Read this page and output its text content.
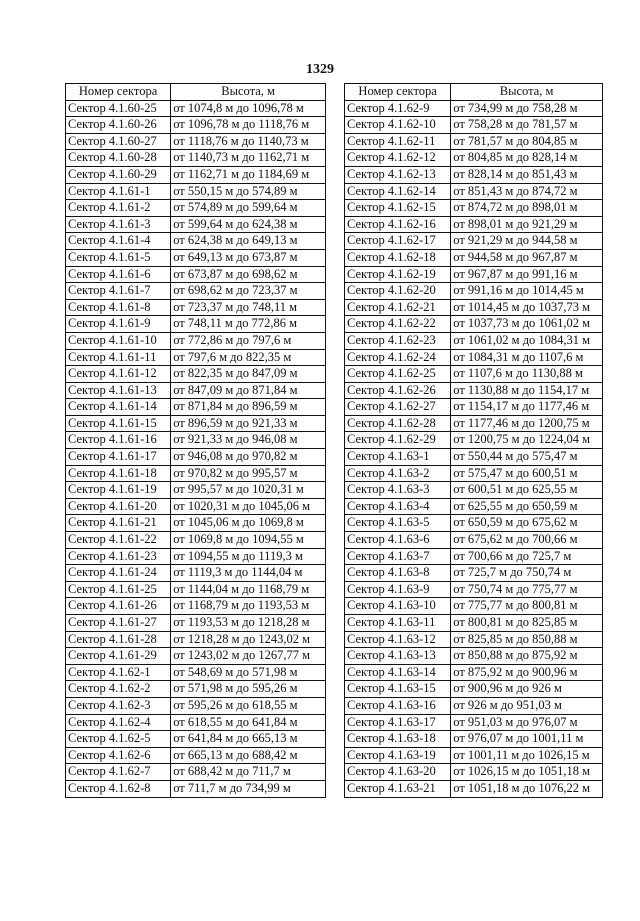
1329
Номер сектора	Высота, м
Сектор 4.1.60-25	от 1074,8 м до 1096,78 м
Сектор 4.1.60-26	от 1096,78 м до 1118,76 м
Сектор 4.1.60-27	от 1118,76 м до 1140,73 м
Сектор 4.1.60-28	от 1140,73 м до 1162,71 м
Сектор 4.1.60-29	от 1162,71 м до 1184,69 м
Сектор 4.1.61-1	от 550,15 м до 574,89 м
Сектор 4.1.61-2	от 574,89 м до 599,64 м
Сектор 4.1.61-3	от 599,64 м до 624,38 м
Сектор 4.1.61-4	от 624,38 м до 649,13 м
Сектор 4.1.61-5	от 649,13 м до 673,87 м
Сектор 4.1.61-6	от 673,87 м до 698,62 м
Сектор 4.1.61-7	от 698,62 м до 723,37 м
Сектор 4.1.61-8	от 723,37 м до 748,11 м
Сектор 4.1.61-9	от 748,11 м до 772,86 м
Сектор 4.1.61-10	от 772,86 м до 797,6 м
Сектор 4.1.61-11	от 797,6 м до 822,35 м
Сектор 4.1.61-12	от 822,35 м до 847,09 м
Сектор 4.1.61-13	от 847,09 м до 871,84 м
Сектор 4.1.61-14	от 871,84 м до 896,59 м
Сектор 4.1.61-15	от 896,59 м до 921,33 м
Сектор 4.1.61-16	от 921,33 м до 946,08 м
Сектор 4.1.61-17	от 946,08 м до 970,82 м
Сектор 4.1.61-18	от 970,82 м до 995,57 м
Сектор 4.1.61-19	от 995,57 м до 1020,31 м
Сектор 4.1.61-20	от 1020,31 м до 1045,06 м
Сектор 4.1.61-21	от 1045,06 м до 1069,8 м
Сектор 4.1.61-22	от 1069,8 м до 1094,55 м
Сектор 4.1.61-23	от 1094,55 м до 1119,3 м
Сектор 4.1.61-24	от 1119,3 м до 1144,04 м
Сектор 4.1.61-25	от 1144,04 м до 1168,79 м
Сектор 4.1.61-26	от 1168,79 м до 1193,53 м
Сектор 4.1.61-27	от 1193,53 м до 1218,28 м
Сектор 4.1.61-28	от 1218,28 м до 1243,02 м
Сектор 4.1.61-29	от 1243,02 м до 1267,77 м
Сектор 4.1.62-1	от 548,69 м до 571,98 м
Сектор 4.1.62-2	от 571,98 м до 595,26 м
Сектор 4.1.62-3	от 595,26 м до 618,55 м
Сектор 4.1.62-4	от 618,55 м до 641,84 м
Сектор 4.1.62-5	от 641,84 м до 665,13 м
Сектор 4.1.62-6	от 665,13 м до 688,42 м
Сектор 4.1.62-7	от 688,42 м до 711,7 м
Сектор 4.1.62-8	от 711,7 м до 734,99 м
Номер сектора	Высота, м
Сектор 4.1.62-9	от 734,99 м до 758,28 м
Сектор 4.1.62-10	от 758,28 м до 781,57 м
Сектор 4.1.62-11	от 781,57 м до 804,85 м
Сектор 4.1.62-12	от 804,85 м до 828,14 м
Сектор 4.1.62-13	от 828,14 м до 851,43 м
Сектор 4.1.62-14	от 851,43 м до 874,72 м
Сектор 4.1.62-15	от 874,72 м до 898,01 м
Сектор 4.1.62-16	от 898,01 м до 921,29 м
Сектор 4.1.62-17	от 921,29 м до 944,58 м
Сектор 4.1.62-18	от 944,58 м до 967,87 м
Сектор 4.1.62-19	от 967,87 м до 991,16 м
Сектор 4.1.62-20	от 991,16 м до 1014,45 м
Сектор 4.1.62-21	от 1014,45 м до 1037,73 м
Сектор 4.1.62-22	от 1037,73 м до 1061,02 м
Сектор 4.1.62-23	от 1061,02 м до 1084,31 м
Сектор 4.1.62-24	от 1084,31 м до 1107,6 м
Сектор 4.1.62-25	от 1107,6 м до 1130,88 м
Сектор 4.1.62-26	от 1130,88 м до 1154,17 м
Сектор 4.1.62-27	от 1154,17 м до 1177,46 м
Сектор 4.1.62-28	от 1177,46 м до 1200,75 м
Сектор 4.1.62-29	от 1200,75 м до 1224,04 м
Сектор 4.1.63-1	от 550,44 м до 575,47 м
Сектор 4.1.63-2	от 575,47 м до 600,51 м
Сектор 4.1.63-3	от 600,51 м до 625,55 м
Сектор 4.1.63-4	от 625,55 м до 650,59 м
Сектор 4.1.63-5	от 650,59 м до 675,62 м
Сектор 4.1.63-6	от 675,62 м до 700,66 м
Сектор 4.1.63-7	от 700,66 м до 725,7 м
Сектор 4.1.63-8	от 725,7 м до 750,74 м
Сектор 4.1.63-9	от 750,74 м до 775,77 м
Сектор 4.1.63-10	от 775,77 м до 800,81 м
Сектор 4.1.63-11	от 800,81 м до 825,85 м
Сектор 4.1.63-12	от 825,85 м до 850,88 м
Сектор 4.1.63-13	от 850,88 м до 875,92 м
Сектор 4.1.63-14	от 875,92 м до 900,96 м
Сектор 4.1.63-15	от 900,96 м до 926 м
Сектор 4.1.63-16	от 926 м до 951,03 м
Сектор 4.1.63-17	от 951,03 м до 976,07 м
Сектор 4.1.63-18	от 976,07 м до 1001,11 м
Сектор 4.1.63-19	от 1001,11 м до 1026,15 м
Сектор 4.1.63-20	от 1026,15 м до 1051,18 м
Сектор 4.1.63-21	от 1051,18 м до 1076,22 м
